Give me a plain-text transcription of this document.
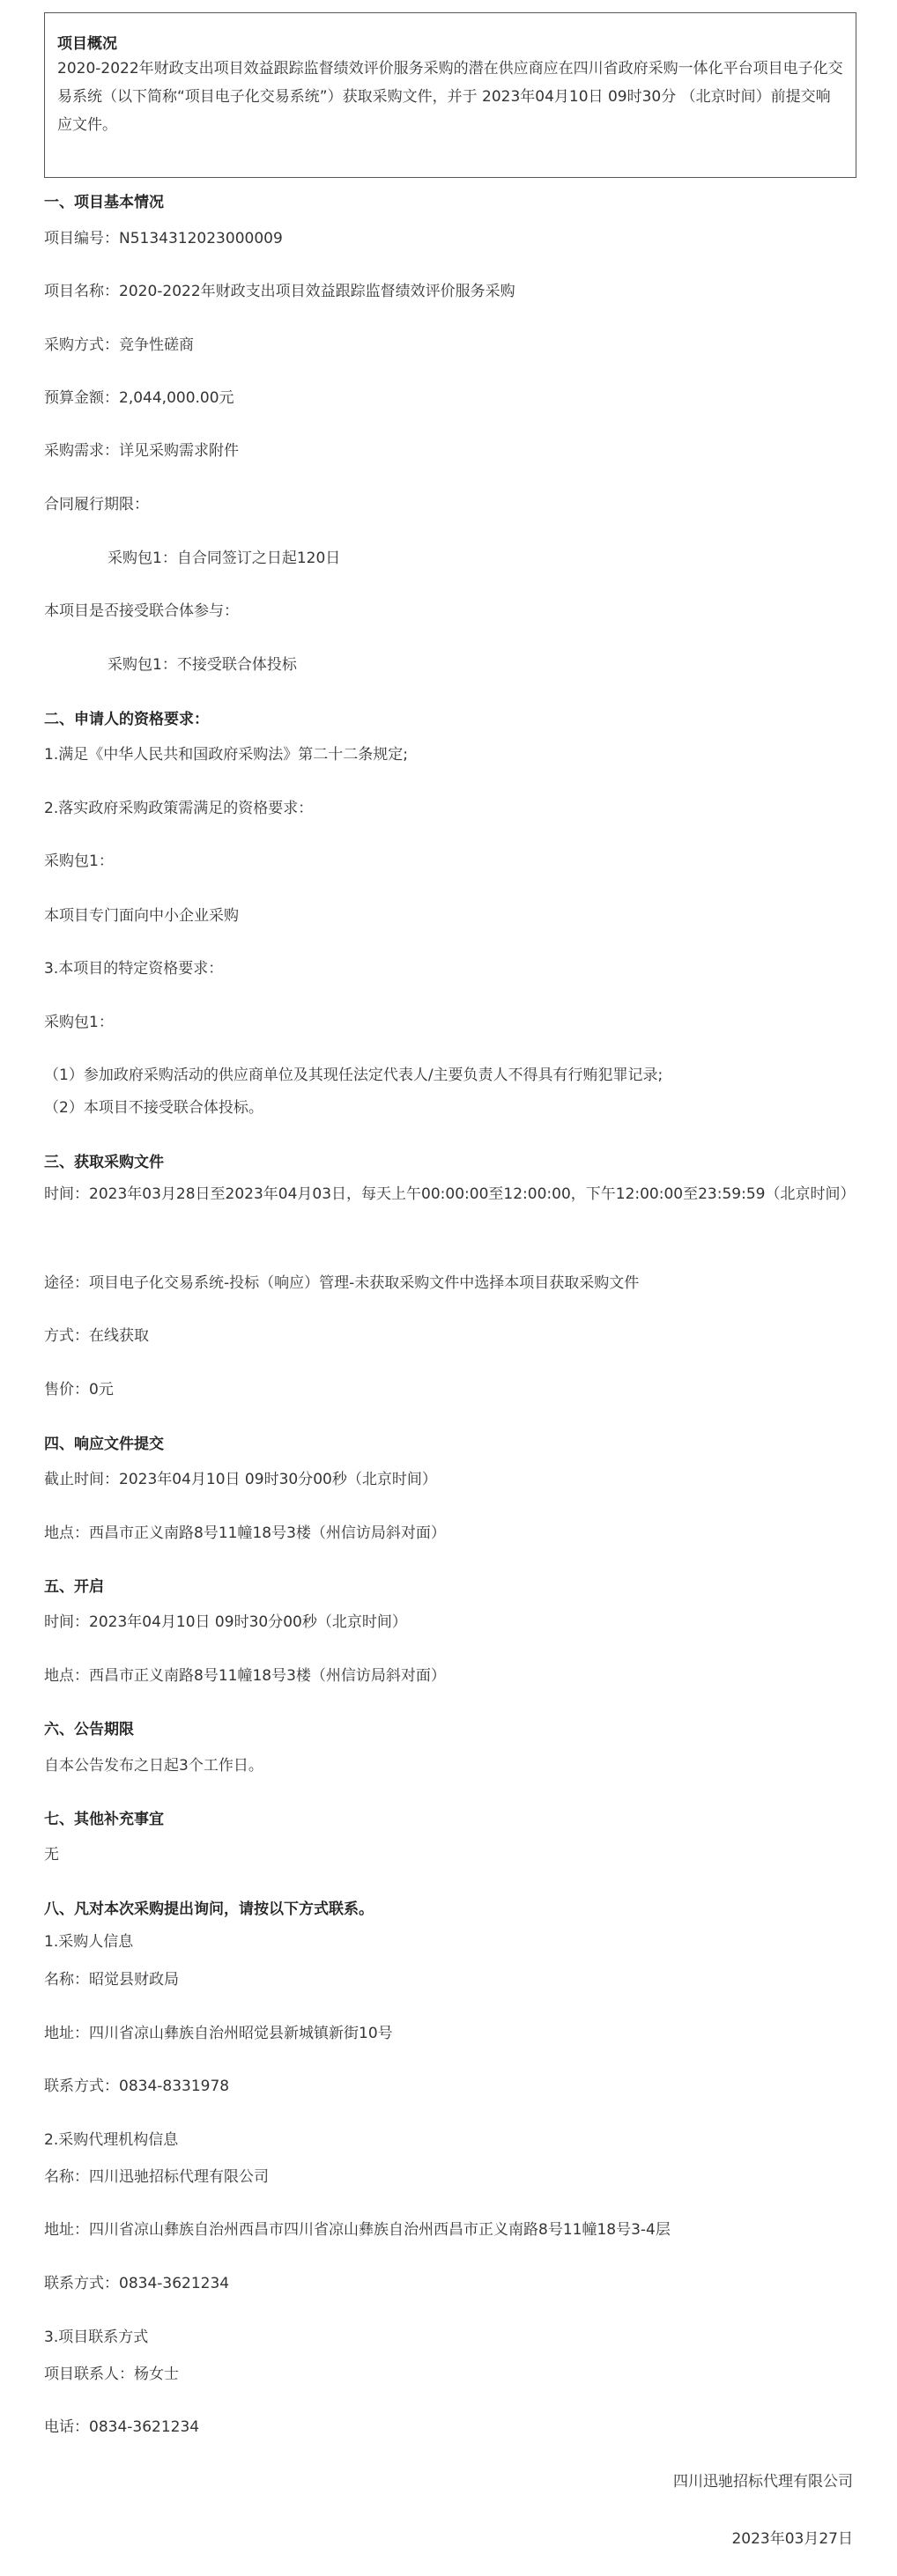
项目概况
2020-2022年财政支出项目效益跟踪监督绩效评价服务采购的潜在供应商应在四川省政府采购一体化平台项目电子化交易系统（以下简称“项目电子化交易系统”）获取采购文件，并于 2023年04月10日 09时30分 （北京时间）前提交响应文件。
一、项目基本情况
项目编号：N5134312023000009
项目名称：2020-2022年财政支出项目效益跟踪监督绩效评价服务采购
采购方式：竞争性磋商
预算金额：2,044,000.00元
采购需求：详见采购需求附件
合同履行期限：
采购包1：自合同签订之日起120日
本项目是否接受联合体参与：
采购包1：不接受联合体投标
二、申请人的资格要求：
1.满足《中华人民共和国政府采购法》第二十二条规定;
2.落实政府采购政策需满足的资格要求：
采购包1：
本项目专门面向中小企业采购
3.本项目的特定资格要求：
采购包1：
（1）参加政府采购活动的供应商单位及其现任法定代表人/主要负责人不得具有行贿犯罪记录;
（2）本项目不接受联合体投标。
三、获取采购文件
时间：2023年03月28日至2023年04月03日，每天上午00:00:00至12:00:00，下午12:00:00至23:59:59（北京时间）
途径：项目电子化交易系统-投标（响应）管理-未获取采购文件中选择本项目获取采购文件
方式：在线获取
售价：0元
四、响应文件提交
截止时间：2023年04月10日 09时30分00秒（北京时间）
地点：西昌市正义南路8号11幢18号3楼（州信访局斜对面）
五、开启
时间：2023年04月10日 09时30分00秒（北京时间）
地点：西昌市正义南路8号11幢18号3楼（州信访局斜对面）
六、公告期限
自本公告发布之日起3个工作日。
七、其他补充事宜
无
八、凡对本次采购提出询问，请按以下方式联系。
1.采购人信息
名称：昭觉县财政局
地址：四川省凉山彝族自治州昭觉县新城镇新街10号
联系方式：0834-8331978
2.采购代理机构信息
名称：四川迅驰招标代理有限公司
地址：四川省凉山彝族自治州西昌市四川省凉山彝族自治州西昌市正义南路8号11幢18号3-4层
联系方式：0834-3621234
3.项目联系方式
项目联系人：杨女士
电话：0834-3621234
四川迅驰招标代理有限公司
2023年03月27日
